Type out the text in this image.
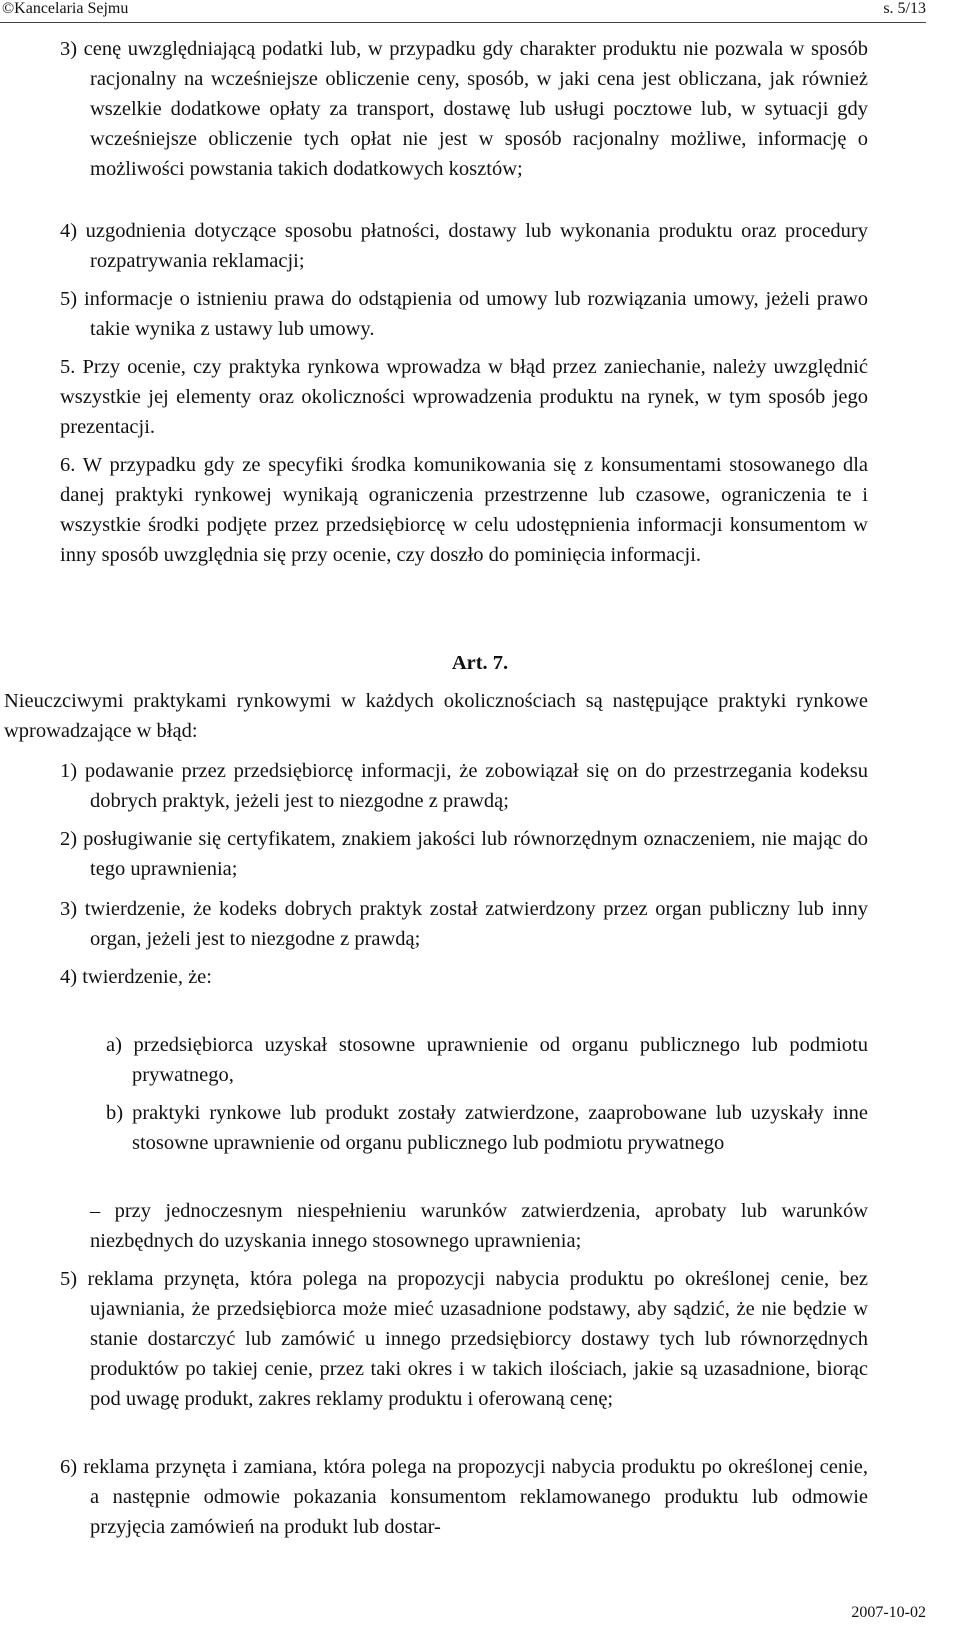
©Kancelaria Sejmu	s. 5/13
3) cenę uwzględniającą podatki lub, w przypadku gdy charakter produktu nie pozwala w sposób racjonalny na wcześniejsze obliczenie ceny, sposób, w jaki cena jest obliczana, jak również wszelkie dodatkowe opłaty za transport, dostawę lub usługi pocztowe lub, w sytuacji gdy wcześniejsze obliczenie tych opłat nie jest w sposób racjonalny możliwe, informację o możliwości powstania takich dodatkowych kosztów;
4) uzgodnienia dotyczące sposobu płatności, dostawy lub wykonania produktu oraz procedury rozpatrywania reklamacji;
5) informacje o istnieniu prawa do odstąpienia od umowy lub rozwiązania umowy, jeżeli prawo takie wynika z ustawy lub umowy.

5. Przy ocenie, czy praktyka rynkowa wprowadza w błąd przez zaniechanie, należy uwzględnić wszystkie jej elementy oraz okoliczności wprowadzenia produktu na rynek, w tym sposób jego prezentacji.

6. W przypadku gdy ze specyfiki środka komunikowania się z konsumentami stosowanego dla danej praktyki rynkowej wynikają ograniczenia przestrzenne lub czasowe, ograniczenia te i wszystkie środki podjęte przez przedsiębiorcę w celu udostępnienia informacji konsumentom w inny sposób uwzględnia się przy ocenie, czy doszło do pominięcia informacji.

Art. 7.

Nieuczciwymi praktykami rynkowymi w każdych okolicznościach są następujące praktyki rynkowe wprowadzające w błąd:

1) podawanie przez przedsiębiorcę informacji, że zobowiązał się on do przestrzegania kodeksu dobrych praktyk, jeżeli jest to niezgodne z prawdą;
2) posługiwanie się certyfikatem, znakiem jakości lub równorzędnym oznaczeniem, nie mając do tego uprawnienia;
3) twierdzenie, że kodeks dobrych praktyk został zatwierdzony przez organ publiczny lub inny organ, jeżeli jest to niezgodne z prawdą;
4) twierdzenie, że:
a) przedsiębiorca uzyskał stosowne uprawnienie od organu publicznego lub podmiotu prywatnego,
b) praktyki rynkowe lub produkt zostały zatwierdzone, zaaprobowane lub uzyskały inne stosowne uprawnienie od organu publicznego lub podmiotu prywatnego

– przy jednoczesnym niespełnieniu warunków zatwierdzenia, aprobaty lub warunków niezbędnych do uzyskania innego stosownego uprawnienia;

5) reklama przynęta, która polega na propozycji nabycia produktu po określonej cenie, bez ujawniania, że przedsiębiorca może mieć uzasadnione podstawy, aby sądzić, że nie będzie w stanie dostarczyć lub zamówić u innego przedsiębiorcy dostawy tych lub równorzędnych produktów po takiej cenie, przez taki okres i w takich ilościach, jakie są uzasadnione, biorąc pod uwagę produkt, zakres reklamy produktu i oferowaną cenę;
6) reklama przynęta i zamiana, która polega na propozycji nabycia produktu po określonej cenie, a następnie odmowie pokazania konsumentom reklamowanego produktu lub odmowie przyjęcia zamówień na produkt lub dostar-
2007-10-02
